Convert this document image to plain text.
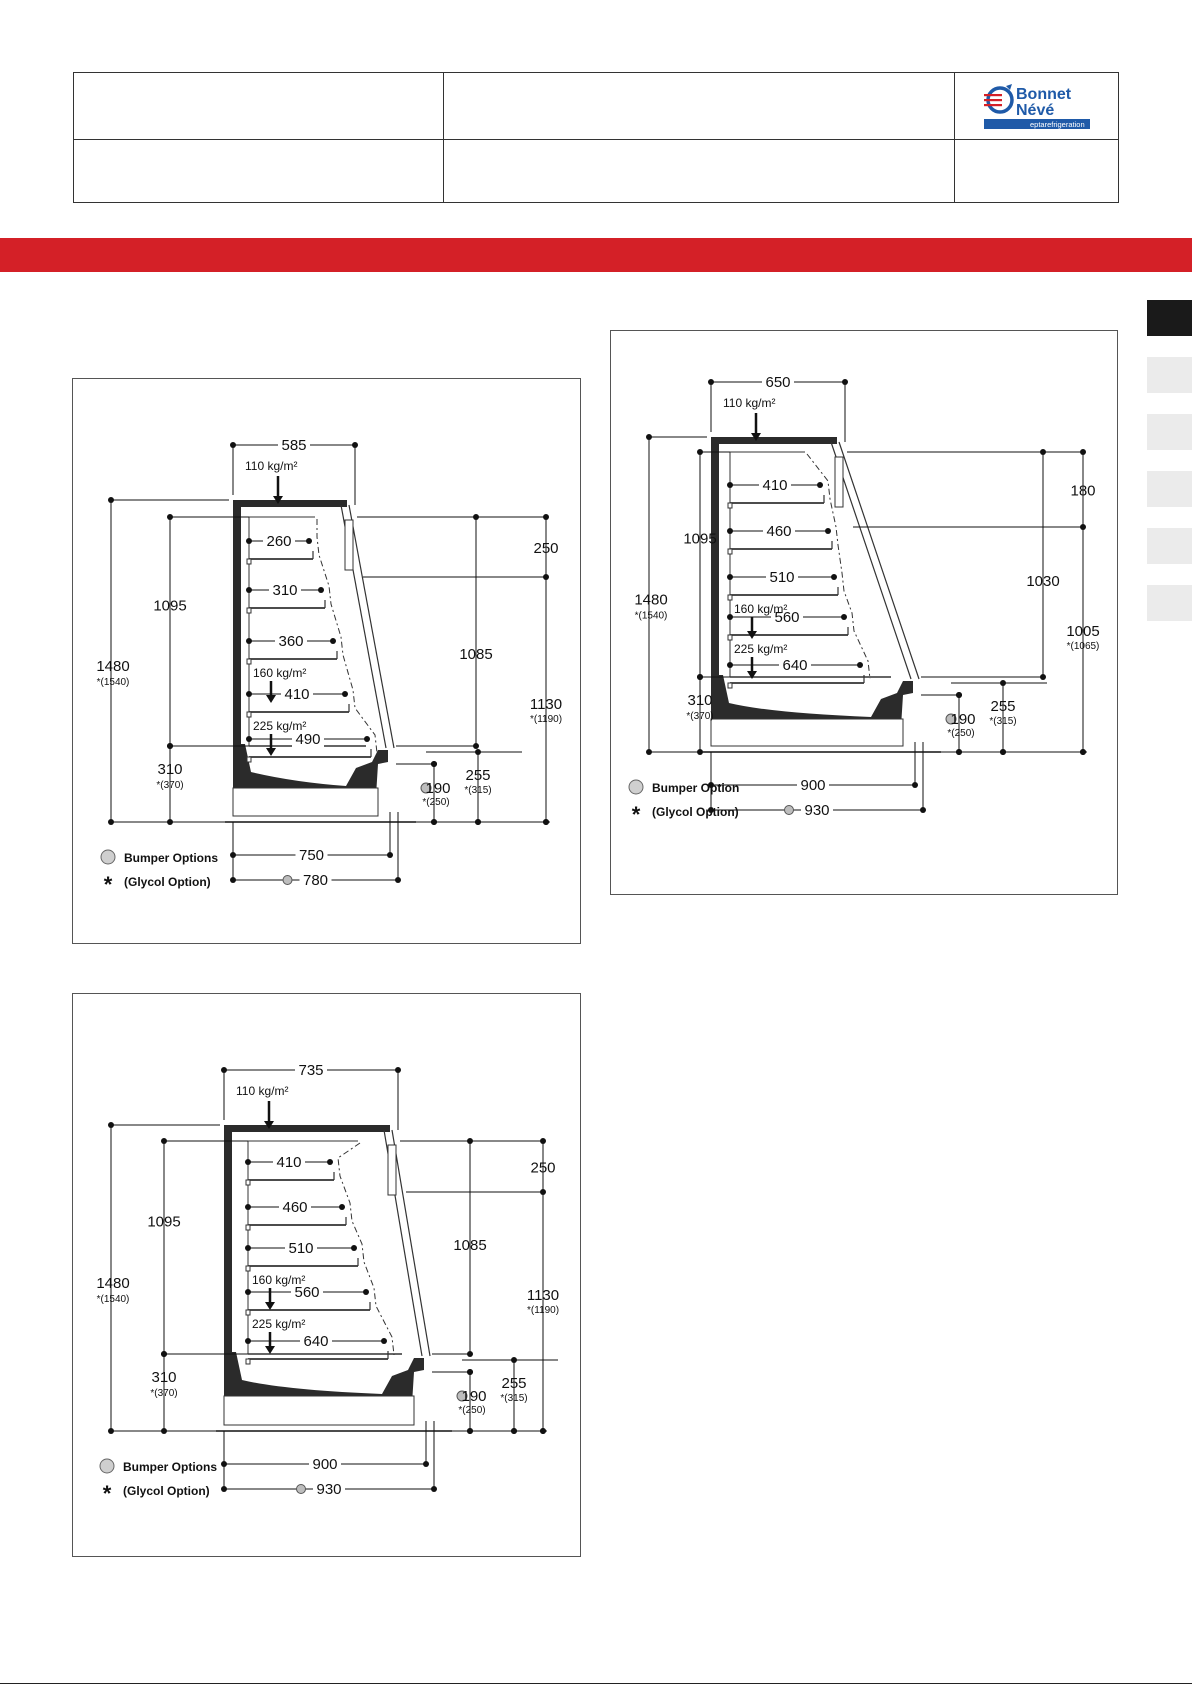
Bonnet
Névé
eptarefrigeration
260
310
360
410
490
585
110 kg/m²
1480
*(1540)
1095
310
*(370)
250
1085
1130
*(1190)
190
*(250)
255
*(315)
750
780
Bumper Options
* (Glycol Option)
160 kg/m²
225 kg/m²
410
460
510
560
640
650
110 kg/m²
1480
*(1540)
1095
310
*(370)
180
1030
1005
*(1065)
190
*(250)
255
*(315)
900
930
Bumper Option
* (Glycol Option)
160 kg/m²
225 kg/m²
410
460
510
560
640
735
110 kg/m²
1480
*(1540)
1095
310
*(370)
250
1085
1130
*(1190)
190
*(250)
255
*(315)
900
930
Bumper Options
* (Glycol Option)
160 kg/m²
225 kg/m²
